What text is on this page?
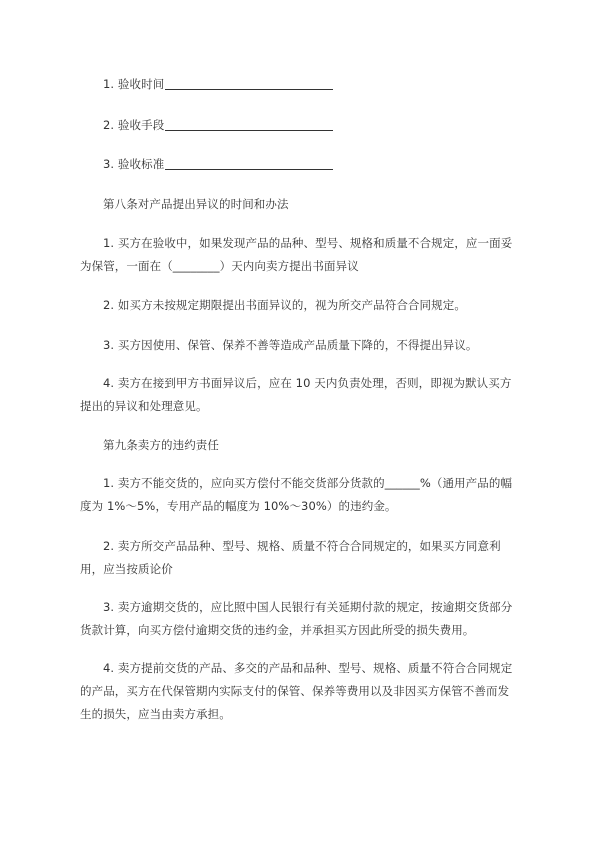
1. 验收时间
2. 验收手段
3. 验收标准
第八条对产品提出异议的时间和办法
1. 买方在验收中，如果发现产品的品种、型号、规格和质量不合规定，应一面妥为保管，一面在（________）天内向卖方提出书面异议
2. 如买方未按规定期限提出书面异议的，视为所交产品符合合同规定。
3. 买方因使用、保管、保养不善等造成产品质量下降的，不得提出异议。
4. 卖方在接到甲方书面异议后，应在 10 天内负责处理，否则，即视为默认买方提出的异议和处理意见。
第九条卖方的违约责任
1. 卖方不能交货的，应向买方偿付不能交货部分货款的______%（通用产品的幅度为 1%～5%，专用产品的幅度为 10%～30%）的违约金。
2. 卖方所交产品品种、型号、规格、质量不符合合同规定的，如果买方同意利用，应当按质论价
3. 卖方逾期交货的，应比照中国人民银行有关延期付款的规定，按逾期交货部分货款计算，向买方偿付逾期交货的违约金，并承担买方因此所受的损失费用。
4. 卖方提前交货的产品、多交的产品和品种、型号、规格、质量不符合合同规定的产品，买方在代保管期内实际支付的保管、保养等费用以及非因买方保管不善而发生的损失，应当由卖方承担。
